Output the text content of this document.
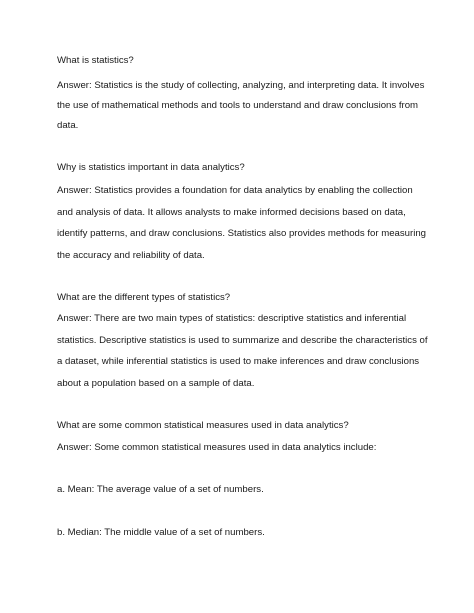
What is statistics?

Answer: Statistics is the study of collecting, analyzing, and interpreting data. It involves

the use of mathematical methods and tools to understand and draw conclusions from

data.

Why is statistics important in data analytics?

Answer: Statistics provides a foundation for data analytics by enabling the collection

and analysis of data. It allows analysts to make informed decisions based on data,

identify patterns, and draw conclusions. Statistics also provides methods for measuring

the accuracy and reliability of data.

What are the different types of statistics?

Answer: There are two main types of statistics: descriptive statistics and inferential

statistics. Descriptive statistics is used to summarize and describe the characteristics of

a dataset, while inferential statistics is used to make inferences and draw conclusions

about a population based on a sample of data.

What are some common statistical measures used in data analytics?

Answer: Some common statistical measures used in data analytics include:

a. Mean: The average value of a set of numbers.

b. Median: The middle value of a set of numbers.
